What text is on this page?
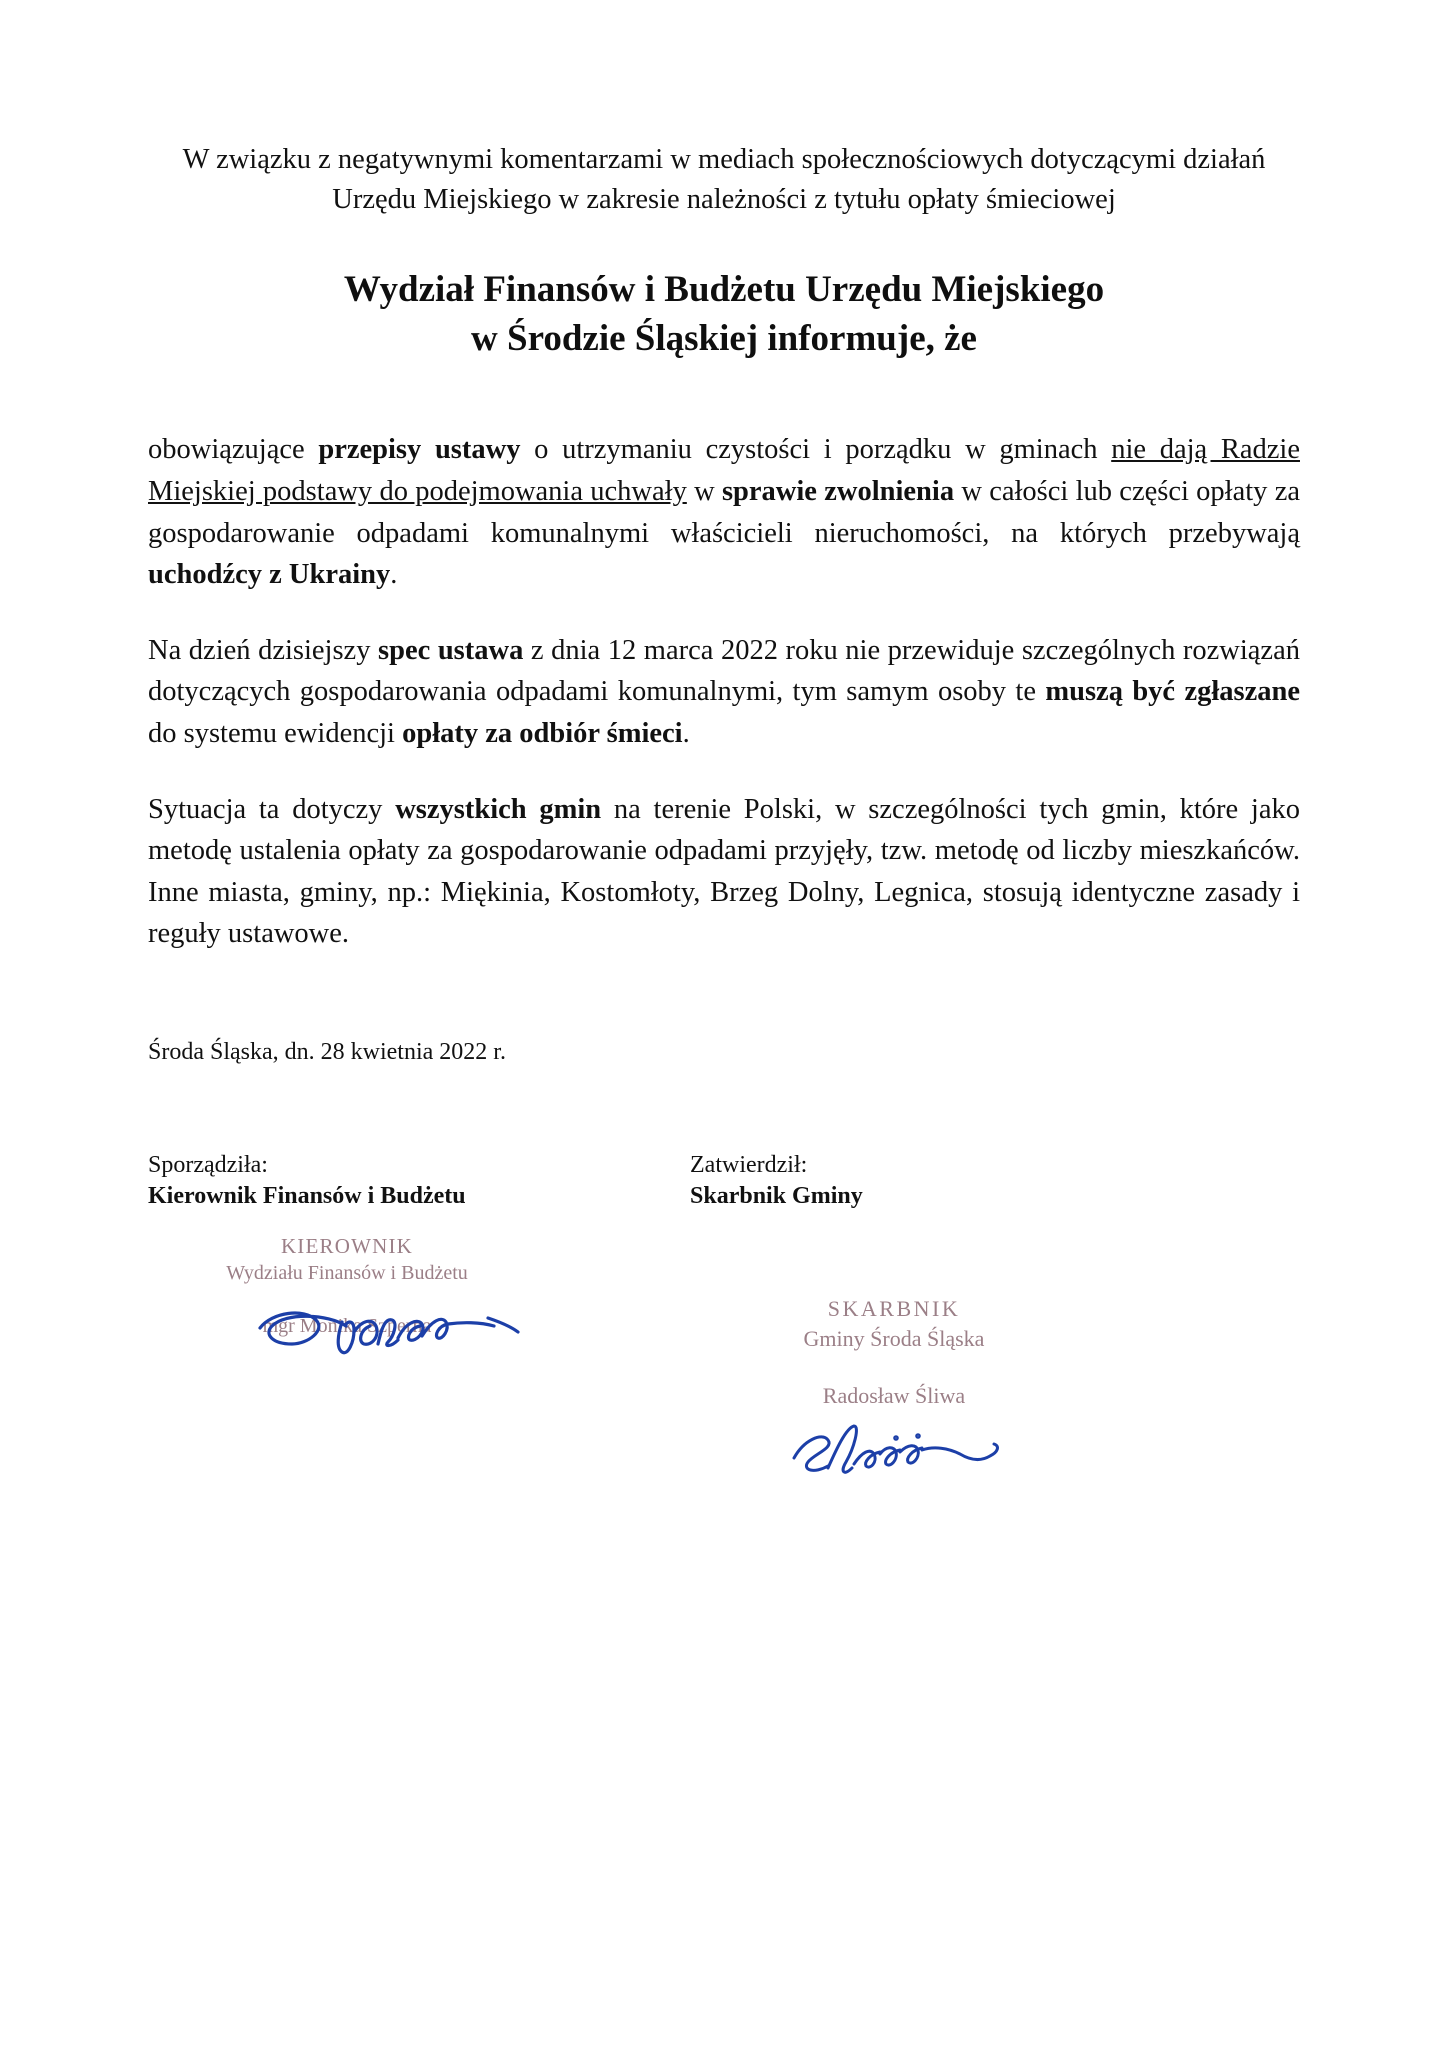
W związku z negatywnymi komentarzami w mediach społecznościowych dotyczącymi działań Urzędu Miejskiego w zakresie należności z tytułu opłaty śmieciowej

Wydział Finansów i Budżetu Urzędu Miejskiego
w Środzie Śląskiej informuje, że

obowiązujące przepisy ustawy o utrzymaniu czystości i porządku w gminach nie dają Radzie Miejskiej podstawy do podejmowania uchwały w sprawie zwolnienia w całości lub części opłaty za gospodarowanie odpadami komunalnymi właścicieli nieruchomości, na których przebywają uchodźcy z Ukrainy.

Na dzień dzisiejszy spec ustawa z dnia 12 marca 2022 roku nie przewiduje szczególnych rozwiązań dotyczących gospodarowania odpadami komunalnymi, tym samym osoby te muszą być zgłaszane do systemu ewidencji opłaty za odbiór śmieci.

Sytuacja ta dotyczy wszystkich gmin na terenie Polski, w szczególności tych gmin, które jako metodę ustalenia opłaty za gospodarowanie odpadami przyjęły, tzw. metodę od liczby mieszkańców. Inne miasta, gminy, np.: Miękinia, Kostomłoty, Brzeg Dolny, Legnica, stosują identyczne zasady i reguły ustawowe.

Środa Śląska, dn. 28 kwietnia 2022 r.
Sporządziła:
Kierownik Finansów i Budżetu
KIEROWNIK
Wydziału Finansów i Budżetu
mgr Monika Szperna
Zatwierdził:
Skarbnik Gminy
SKARBNIK
Gminy Środa Śląska
Radosław Śliwa
